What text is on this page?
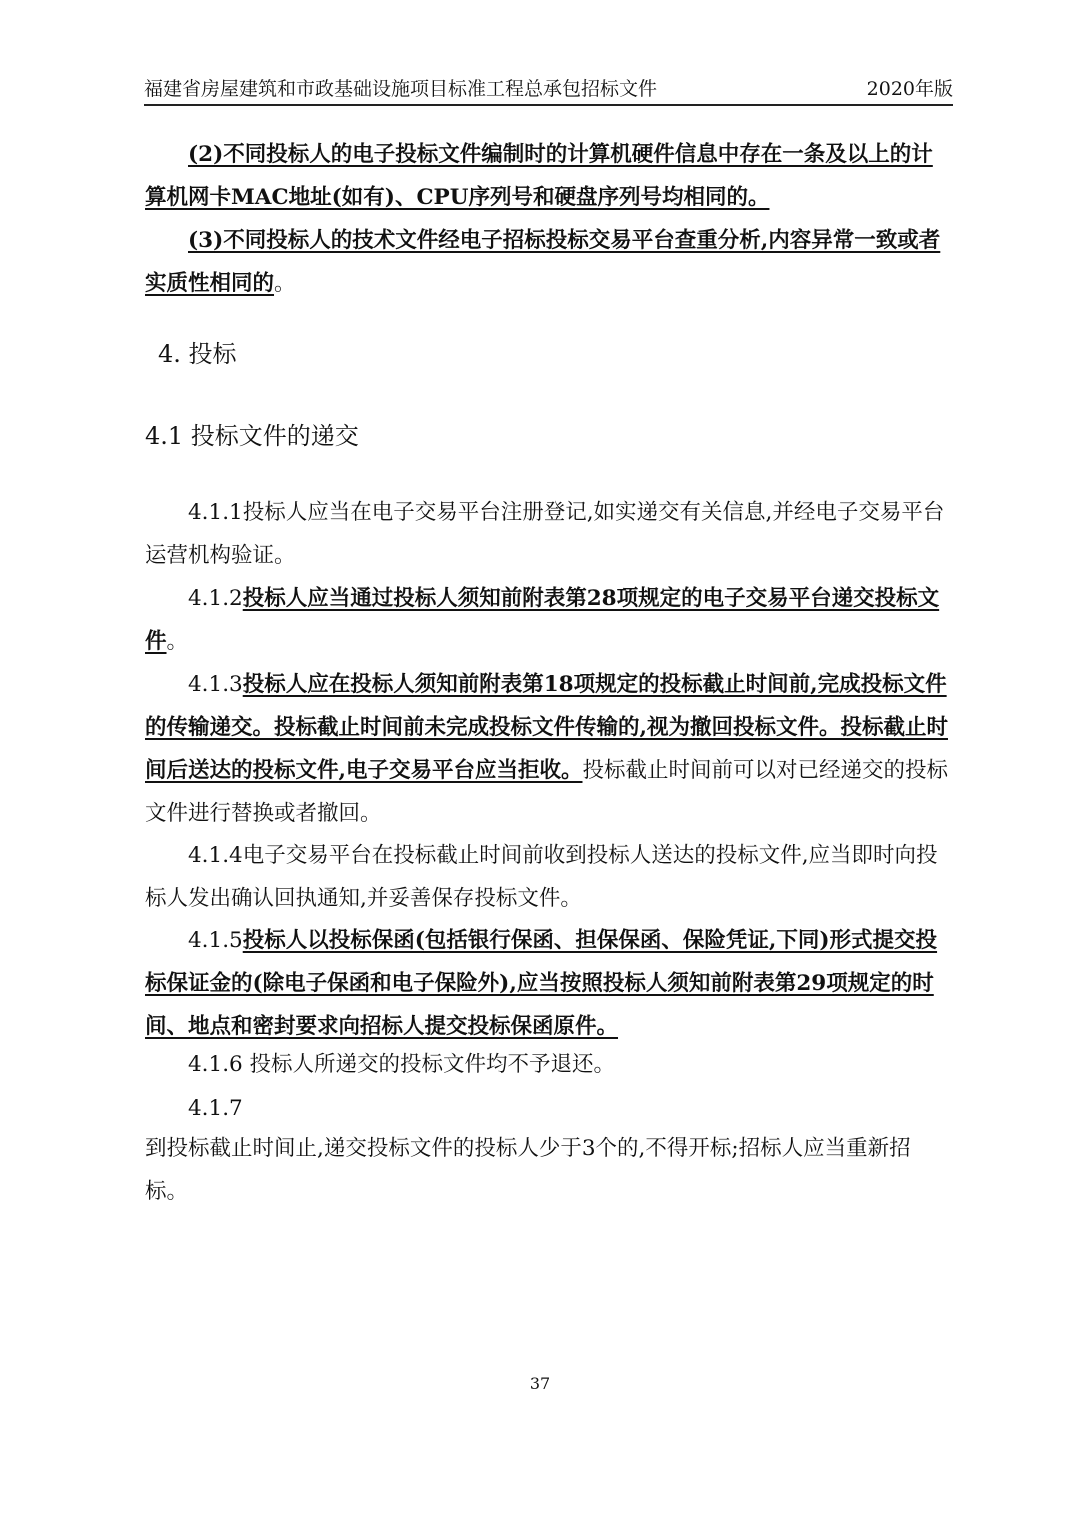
福建省房屋建筑和市政基础设施项目标准工程总承包招标文件	2020年版

(2)不同投标人的电子投标文件编制时的计算机硬件信息中存在一条及以上的计算机网卡MAC地址(如有)、CPU序列号和硬盘序列号均相同的。

(3)不同投标人的技术文件经电子招标投标交易平台查重分析,内容异常一致或者实质性相同的。

4. 投标
4.1 投标文件的递交

4.1.1投标人应当在电子交易平台注册登记,如实递交有关信息,并经电子交易平台运营机构验证。

4.1.2投标人应当通过投标人须知前附表第28项规定的电子交易平台递交投标文件。

4.1.3投标人应在投标人须知前附表第18项规定的投标截止时间前,完成投标文件的传输递交。投标截止时间前未完成投标文件传输的,视为撤回投标文件。投标截止时间后送达的投标文件,电子交易平台应当拒收。投标截止时间前可以对已经递交的投标文件进行替换或者撤回。

4.1.4电子交易平台在投标截止时间前收到投标人送达的投标文件,应当即时向投标人发出确认回执通知,并妥善保存投标文件。

4.1.5投标人以投标保函(包括银行保函、担保保函、保险凭证,下同)形式提交投标保证金的(除电子保函和电子保险外),应当按照投标人须知前附表第29项规定的时间、地点和密封要求向招标人提交投标保函原件。

4.1.6 投标人所递交的投标文件均不予退还。

4.1.7

到投标截止时间止,递交投标文件的投标人少于3个的,不得开标;招标人应当重新招标。

37
